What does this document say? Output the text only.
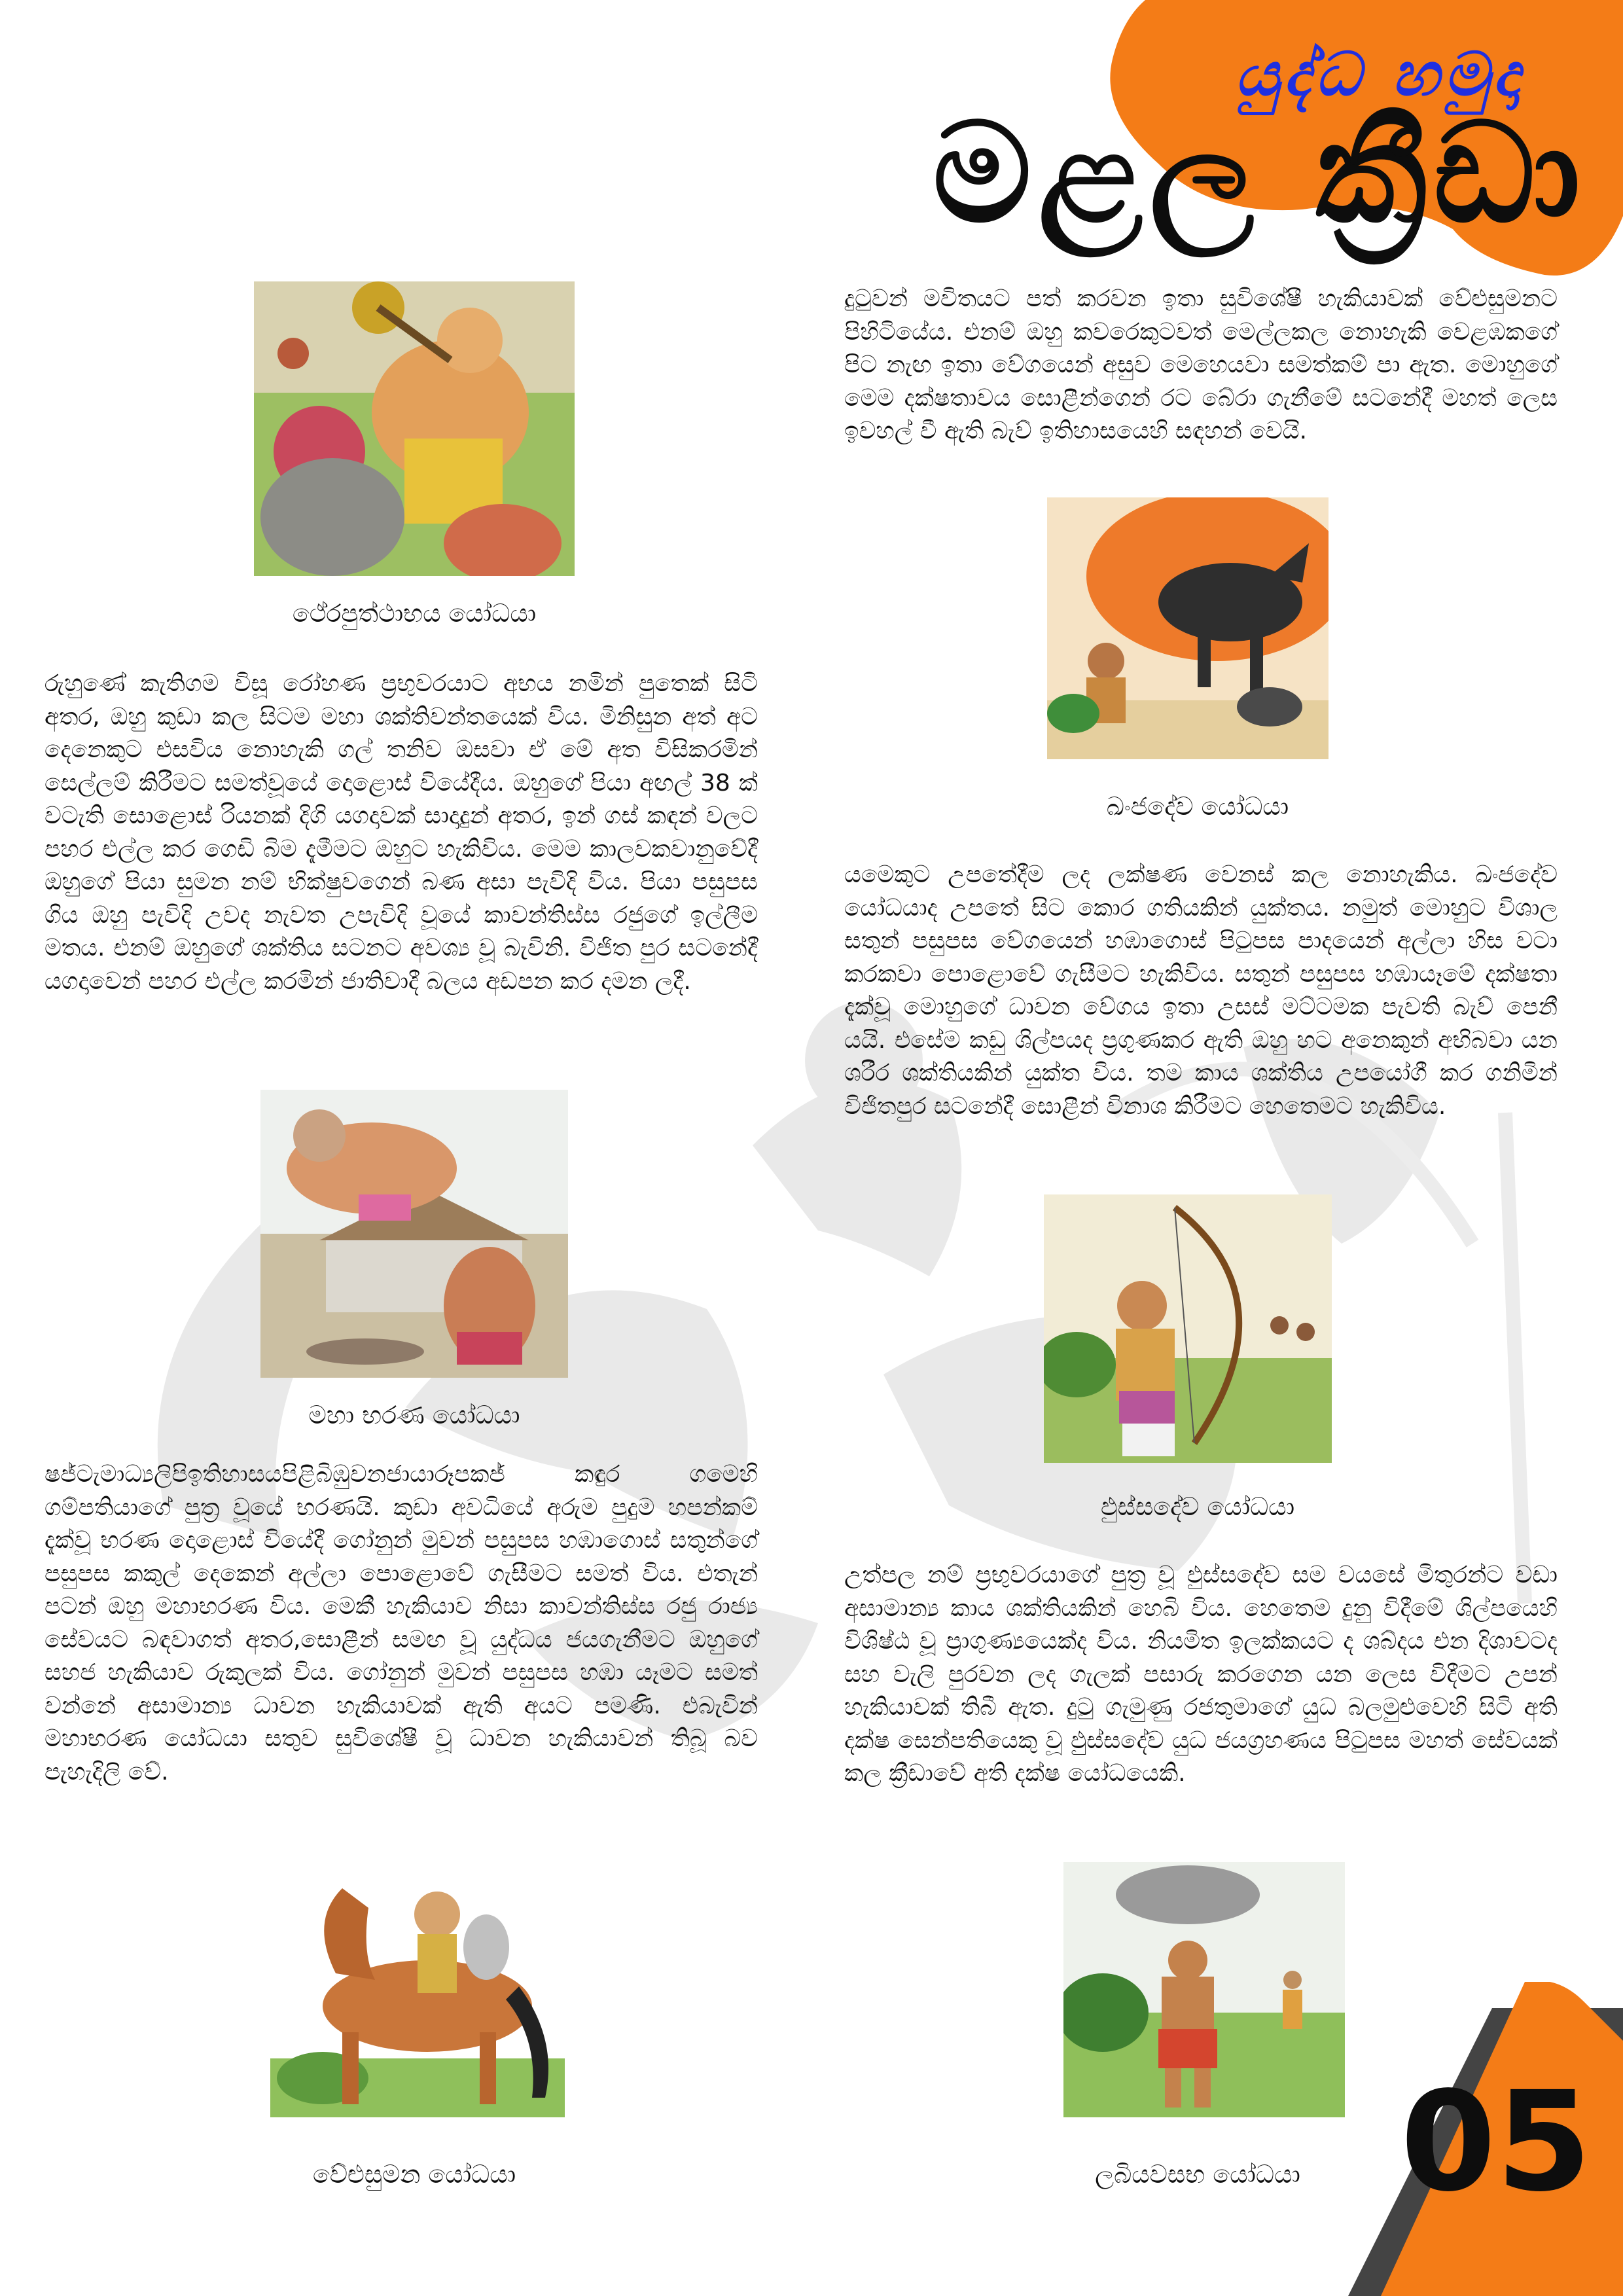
යුද්ධ හමුදා
මළල ක්‍රීඩා
ථේරපුත්ථාභය යෝධයා

රුහුණේ කැතිගම විසූ රෝහණ ප්‍රභුවරයාට අභය නමින් පුතෙක් සිටි අතර, ඔහු කුඩා කල සිටම මහා ශක්තිවන්තයෙක් විය. මිනිසුන අත් අට දෙනෙකුට එසවිය නොහැකි ගල් තනිව ඔසවා ඒ මේ අත විසිකරමින් සෙල්ලම් කිරීමට සමත්වූයේ දොළොස් වියේදීය. ඔහුගේ පියා අඟල් 38 ක් වටැති සොළොස් රියනක් දිගි යගදාවක් සාදාදුන් අතර, ඉන් ගස් කඳන් වලට පහර එල්ල කර ගෙඩි බිම දැමීමට ඔහුට හැකිවිය. මෙම කාලවකවානුවේදී ඔහුගේ පියා සුමන නම් භික්ෂුවගෙන් බණ අසා පැවිදි විය. පියා පසුපස ගිය ඔහු පැවිදි උවද නැවත උපැවිදි වූයේ කාවන්තිස්ස රජුගේ ඉල්ලීම මතය. එනම් ඔහුගේ ශක්තිය සටනට අවශ්‍ය වූ බැවිනි. විජිත පුර සටනේදී යගදාවෙන් පහර එල්ල කරමින් ජාතිවාදී බලය අඩපන කර දමන ලදී.

මහා භරණ යෝධයා

ෂජ්ටැමාධ්‍යලිපිඉතිහාසයපිළිබිඹුවනජායාරූපකජ් කඳුර ගමෙහි ගම්පතියාගේ පුත්‍ර වූයේ භරණයි. කුඩා අවධියේ අරුම පුදුම හපන්කම් දැක්වූ භරණ දොළොස් වියේදී ගෝනුන් මුවන් පසුපස හඹාගොස් සතුන්ගේ පසුපස කකුල් දෙකෙන් අල්ලා පොළොවේ ගැසීමට සමත් විය. එතැන් පටන් ඔහු මහාභරණ විය. මෙකී හැකියාව නිසා කාවන්තිස්ස රජු රාජ්‍ය සේවයට බඳවාගත් අතර,සොළීන් සමඟ වූ යුද්ධය ජයගැනීමට ඔහුගේ සහජ හැකියාව රුකුලක් විය. ගෝනුන් මුවන් පසුපස හඹා යෑමට සමත් වන්නේ අසාමාන්‍ය ධාවන හැකියාවක් ඇති අයට පමණි. එබැවින් මහාභරණ යෝධයා සතුව සුවිශේෂී වූ ධාවන හැකියාවන් තිබූ බව පැහැදිලි වේ.

වේළුසුමන යෝධයා

දුටුවන් මවිතයට පත් කරවන ඉතා සුවිශේෂී හැකියාවක් වේළුසුමනට පිහිටියේය. එනම් ඔහු කවරෙකුටවත් මෙල්ලකල නොහැකි වෙළඹකගේ පිට නැඟ ඉතා වේගයෙන් අසුව මෙහෙයවා සමත්කම් පා ඇත. මොහුගේ මෙම දක්ෂතාවය සොළීන්ගෙන් රට බේරා ගැනීමේ සටනේදී මහත් ලෙස ඉවහල් වී ඇති බැව් ඉතිහාසයෙහි සඳහන් වෙයි.

ඛංජදේව යෝධයා

යමෙකුට උපතේදීම ලද ලක්ෂණ වෙනස් කල නොහැකිය. ඛංජදේව යෝධයාද උපතේ සිට කොර ගතියකින් යුක්තය. නමුත් මොහුට විශාල සතුන් පසුපස වේගයෙන් හඹාගොස් පිටුපස පාදයෙන් අල්ලා හිස වටා කරකවා පොළොවේ ගැසීමට හැකිවිය. සතුන් පසුපස හඹායෑමේ දක්ෂතා දැක්වූ මොහුගේ ධාවන වේගය ඉතා උසස් මට්ටමක පැවති බැව් පෙනී යයි. එසේම කඩු ශිල්පයද ප්‍රගුණකර ඇති ඔහු හට අනෙකුන් අභිබවා යන ශරීර ශක්තියකින් යුක්ත විය. තම කාය ශක්තිය උපයෝගී කර ගනිමින් විජිතපුර සටනේදී සොළීන් විනාශ කිරීමට හෙතෙමට හැකිවිය.

ඵුස්සදේව යෝධයා

උත්පල නම් ප්‍රභුවරයාගේ පුත්‍ර වූ ඵුස්සදේව සම වයසේ මිතුරන්ට වඩා අසාමාන්‍ය කාය ශක්තියකින් හෙබි විය. හෙතෙම දුනු විදීමේ ශිල්පයෙහි විශිෂ්ඨ වූ ප්‍රාගුණ්‍යයෙක්ද විය. නියමිත ඉලක්කයට ද ශබ්දය එන දිශාවටද සහ වැලි පුරවන ලද ගැලක් පසාරු කරගෙන යන ලෙස විදීමට උපන් හැකියාවක් තිබී ඇත. දුටු ගැමුණු රජතුමාගේ යුධ බලමුළුවෙහි සිටි අති දක්ෂ සෙන්පතියෙකු වූ ඵුස්සදේව යුධ ජයග්‍රහණය පිටුපස මහත් සේවයක් කල ක්‍රීඩාවේ අති දක්ෂ යෝධයෙකි.

ලබියවසභ යෝධයා 05
